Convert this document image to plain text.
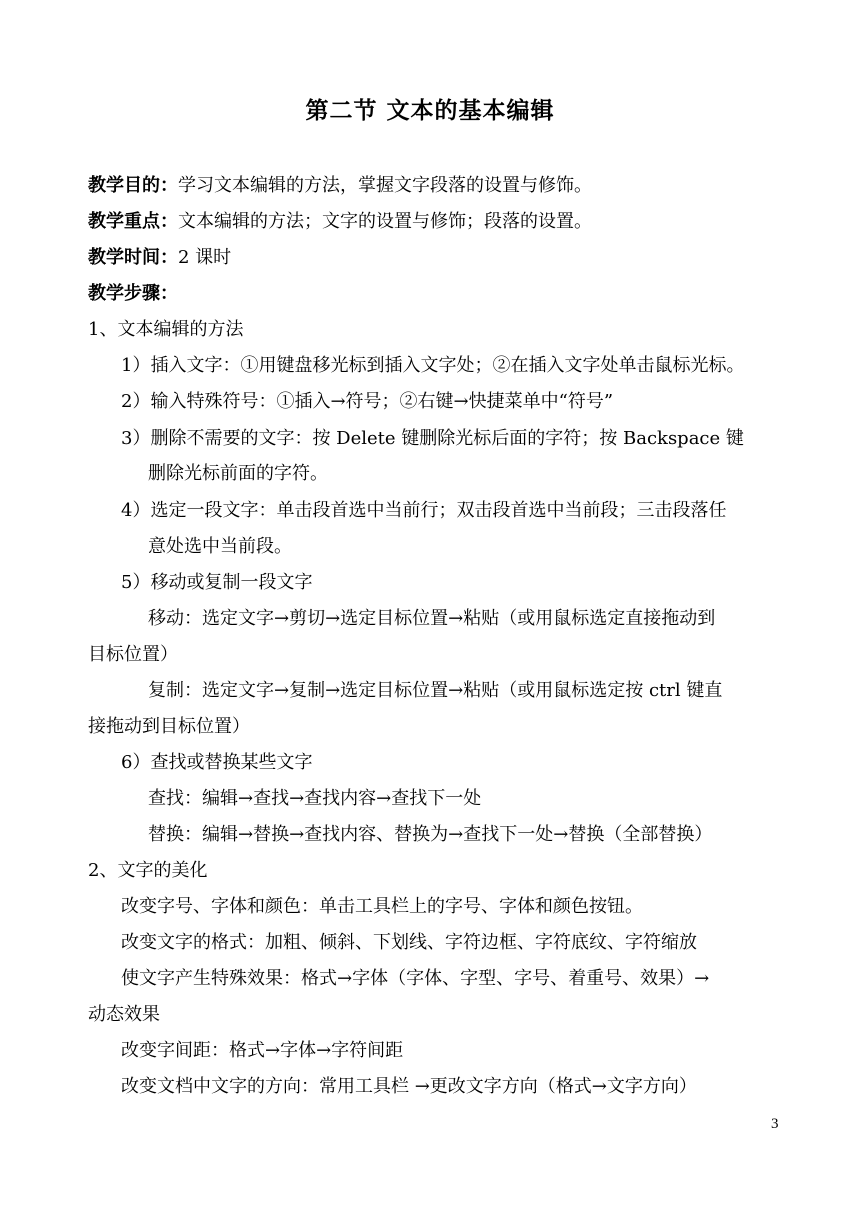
第二节 文本的基本编辑
教学目的：学习文本编辑的方法，掌握文字段落的设置与修饰。
教学重点：文本编辑的方法；文字的设置与修饰；段落的设置。
教学时间：2 课时
教学步骤：
1、文本编辑的方法
1）插入文字：①用键盘移光标到插入文字处；②在插入文字处单击鼠标光标。
2）输入特殊符号：①插入→符号；②右键→快捷菜单中“符号”
3）删除不需要的文字：按 Delete 键删除光标后面的字符；按 Backspace 键
删除光标前面的字符。
4）选定一段文字：单击段首选中当前行；双击段首选中当前段；三击段落任
意处选中当前段。
5）移动或复制一段文字
移动：选定文字→剪切→选定目标位置→粘贴（或用鼠标选定直接拖动到
目标位置）
复制：选定文字→复制→选定目标位置→粘贴（或用鼠标选定按 ctrl 键直
接拖动到目标位置）
6）查找或替换某些文字
查找：编辑→查找→查找内容→查找下一处
替换：编辑→替换→查找内容、替换为→查找下一处→替换（全部替换）
2、文字的美化
改变字号、字体和颜色：单击工具栏上的字号、字体和颜色按钮。
改变文字的格式：加粗、倾斜、下划线、字符边框、字符底纹、字符缩放
使文字产生特殊效果：格式→字体（字体、字型、字号、着重号、效果）→
动态效果
改变字间距：格式→字体→字符间距
改变文档中文字的方向：常用工具栏 →更改文字方向（格式→文字方向）
3
